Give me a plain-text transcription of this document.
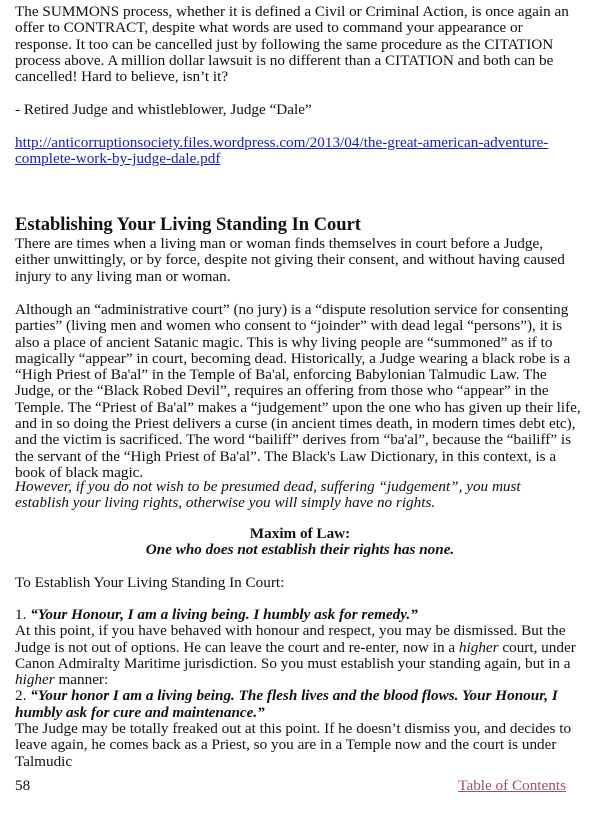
The SUMMONS process, whether it is defined a Civil or Criminal Action, is once again an offer to CONTRACT, despite what words are used to command your appearance or response. It too can be cancelled just by following the same procedure as the CITATION process above. A million dollar lawsuit is no different than a CITATION and both can be cancelled! Hard to believe, isn’t it?

- Retired Judge and whistleblower, Judge “Dale”

http://anticorruptionsociety.files.wordpress.com/2013/04/the-great-american-adventure-complete-work-by-judge-dale.pdf
Establishing Your Living Standing In Court

There are times when a living man or woman finds themselves in court before a Judge, either unwittingly, or by force, despite not giving their consent, and without having caused injury to any living man or woman.

Although an “administrative court” (no jury) is a “dispute resolution service for consenting parties” (living men and women who consent to “joinder” with dead legal “persons”), it is also a place of ancient Satanic magic. This is why living people are “summoned” as if to magically “appear” in court, becoming dead. Historically, a Judge wearing a black robe is a “High Priest of Ba'al” in the Temple of Ba'al, enforcing Babylonian Talmudic Law. The Judge, or the “Black Robed Devil”, requires an offering from those who “appear” in the Temple. The “Priest of Ba'al” makes a “judgement” upon the one who has given up their life, and in so doing the Priest delivers a curse (in ancient times death, in modern times debt etc), and the victim is sacrificed. The word “bailiff” derives from “ba'al”, because the “bailiff” is the servant of the “High Priest of Ba'al”. The Black's Law Dictionary, in this context, is a book of black magic.

However, if you do not wish to be presumed dead, suffering “judgement”, you must establish your living rights, otherwise you will simply have no rights.

Maxim of Law:
One who does not establish their rights has none.

To Establish Your Living Standing In Court:

1. “Your Honour, I am a living being. I humbly ask for remedy.”
At this point, if you have behaved with honour and respect, you may be dismissed. But the Judge is not out of options. He can leave the court and re-enter, now in a higher court, under Canon Admiralty Maritime jurisdiction. So you must establish your standing again, but in a higher manner:
2. “Your honor I am a living being. The flesh lives and the blood flows. Your Honour, I humbly ask for cure and maintenance.”
The Judge may be totally freaked out at this point. If he doesn’t dismiss you, and decides to leave again, he comes back as a Priest, so you are in a Temple now and the court is under Talmudic
58	Table of Contents
